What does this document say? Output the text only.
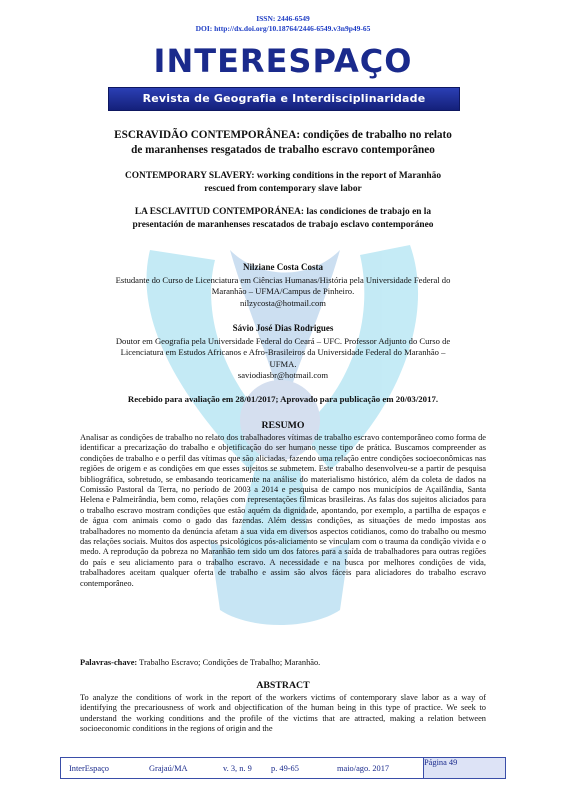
ISSN: 2446-6549
DOI: http://dx.doi.org/10.18764/2446-6549.v3n9p49-65
INTERESPAÇO
Revista de Geografia e Interdisciplinaridade
ESCRAVIDÃO CONTEMPORÂNEA: condições de trabalho no relato
de maranhenses resgatados de trabalho escravo contemporâneo
CONTEMPORARY SLAVERY: working conditions in the report of Maranhão
rescued from contemporary slave labor
LA ESCLAVITUD CONTEMPORÁNEA: las condiciones de trabajo en la
presentación de maranhenses rescatados de trabajo esclavo contemporáneo
Nilziane Costa Costa
Estudante do Curso de Licenciatura em Ciências Humanas/História pela Universidade Federal do
Maranhão – UFMA/Campus de Pinheiro.
nilzycosta@hotmail.com
Sávio José Dias Rodrigues
Doutor em Geografia pela Universidade Federal do Ceará – UFC. Professor Adjunto do Curso de
Licenciatura em Estudos Africanos e Afro-Brasileiros da Universidade Federal do Maranhão –
UFMA.
saviodiasbr@hotmail.com
Recebido para avaliação em 28/01/2017; Aprovado para publicação em 20/03/2017.
RESUMO
Analisar as condições de trabalho no relato dos trabalhadores vítimas de trabalho escravo contemporâneo como forma de identificar a precarização do trabalho e objetificação do ser humano nesse tipo de prática. Buscamos compreender as condições de trabalho e o perfil das vítimas que são aliciadas, fazendo uma relação entre condições socioeconômicas nas regiões de origem e as condições em que esses sujeitos se submetem. Este trabalho desenvolveu-se a partir de pesquisa bibliográfica, sobretudo, se embasando teoricamente na análise do materialismo histórico, além da coleta de dados na Comissão Pastoral da Terra, no período de 2003 a 2014 e pesquisa de campo nos municípios de Açailândia, Santa Helena e Palmeirândia, bem como, relações com representações fílmicas brasileiras. As falas dos sujeitos aliciados para o trabalho escravo mostram condições que estão aquém da dignidade, apontando, por exemplo, a partilha de espaços e de água com animais como o gado das fazendas. Além dessas condições, as situações de medo impostas aos trabalhadores no momento da denúncia afetam a sua vida em diversos aspectos cotidianos, como do trabalho ou mesmo das relações sociais. Muitos dos aspectos psicológicos pós-aliciamento se vinculam com o trauma da condição vivida e o medo. A reprodução da pobreza no Maranhão tem sido um dos fatores para a saída de trabalhadores para outras regiões do país e seu aliciamento para o trabalho escravo. A necessidade e na busca por melhores condições de vida, trabalhadores aceitam qualquer oferta de trabalho e assim são alvos fáceis para aliciadores do trabalho escravo contemporâneo.
Palavras-chave: Trabalho Escravo; Condições de Trabalho; Maranhão.
ABSTRACT
To analyze the conditions of work in the report of the workers victims of contemporary slave labor as a way of identifying the precariousness of work and objectification of the human being in this type of practice. We seek to understand the working conditions and the profile of the victims that are attracted, making a relation between socioeconomic conditions in the regions of origin and the
InterEspaço	Grajaú/MA	v. 3, n. 9	p. 49-65	maio/ago. 2017
Página 49
